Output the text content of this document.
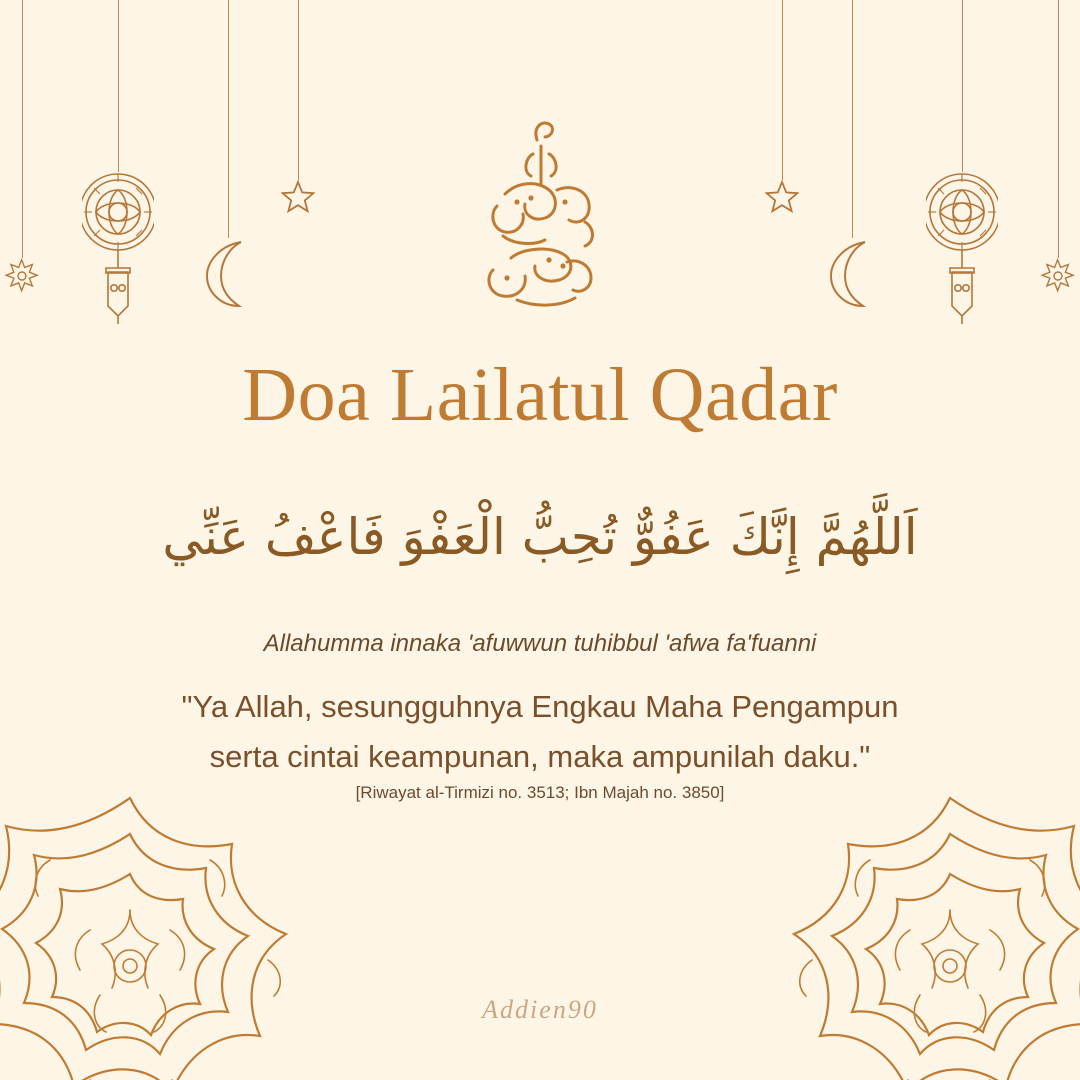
Doa Lailatul Qadar
اَللَّهُمَّ إِنَّكَ عَفُوٌّ تُحِبُّ الْعَفْوَ فَاعْفُ عَنِّي
Allahumma innaka 'afuwwun tuhibbul 'afwa fa'fuanni
"Ya Allah, sesungguhnya Engkau Maha Pengampun
serta cintai keampunan, maka ampunilah daku."
[Riwayat al-Tirmizi no. 3513; Ibn Majah no. 3850]
Addien90
